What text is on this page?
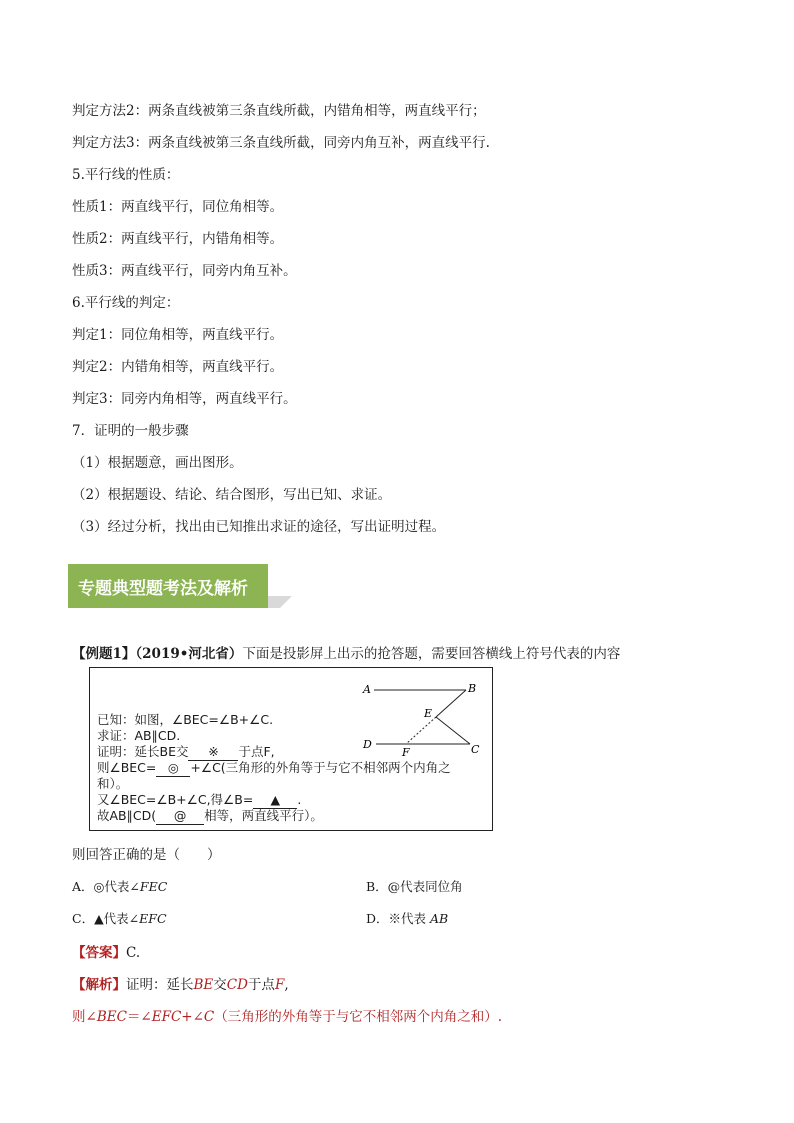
判定方法2：两条直线被第三条直线所截，内错角相等，两直线平行；
判定方法3：两条直线被第三条直线所截，同旁内角互补，两直线平行.
5.平行线的性质：
性质1：两直线平行，同位角相等。
性质2：两直线平行，内错角相等。
性质3：两直线平行，同旁内角互补。
6.平行线的判定：
判定1：同位角相等，两直线平行。
判定2：内错角相等，两直线平行。
判定3：同旁内角相等，两直线平行。
7．证明的一般步骤
（1）根据题意，画出图形。
（2）根据题设、结论、结合图形，写出已知、求证。
（3）经过分析，找出由已知推出求证的途径，写出证明过程。
专题典型题考法及解析
【例题1】（2019•河北省）下面是投影屏上出示的抢答题，需要回答横线上符号代表的内容
已知：如图，∠BEC=∠B+∠C.
求证：AB∥CD.
证明：延长BE交 ※ 于点F,
则∠BEC= ◎ +∠C(三角形的外角等于与它不相邻两个内角之
和）。
又∠BEC=∠B+∠C,得∠B= ▲ .
故AB∥CD( @ 相等，两直线平行）。
A	B
E
D
F	C
则回答正确的是（　　）
A．◎代表∠FEC	B．@代表同位角
C．▲代表∠EFC	D．※代表 AB
【答案】C.
【解析】证明：延长BE交CD于点F,
则∠BEC＝∠EFC+∠C（三角形的外角等于与它不相邻两个内角之和）.
